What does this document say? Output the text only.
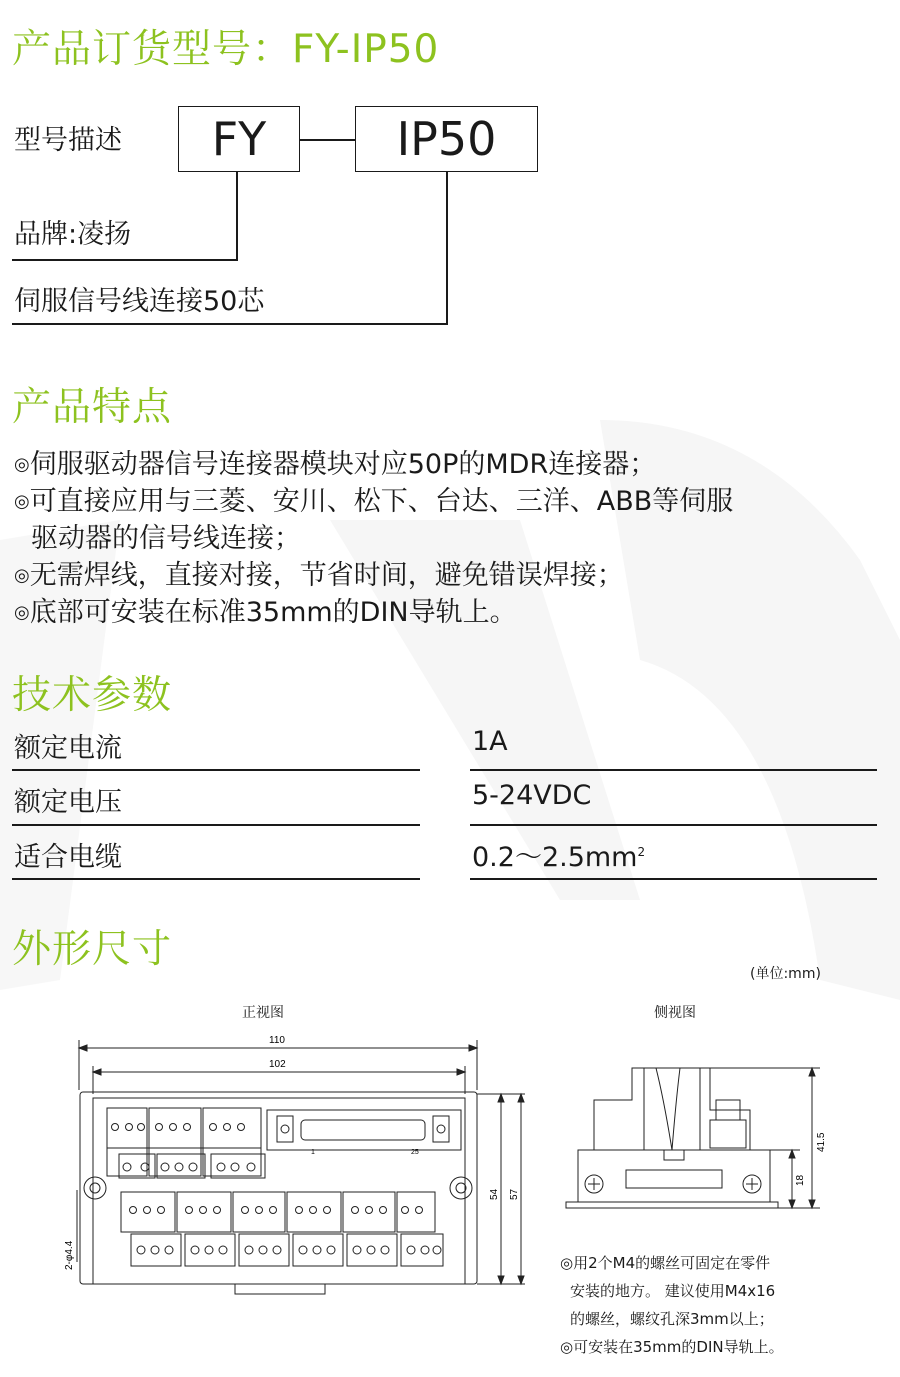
产品订货型号：FY-IP50
型号描述	FY	IP50
品牌:凌扬
伺服信号线连接50芯
产品特点
◎伺服驱动器信号连接器模块对应50P的MDR连接器；
◎可直接应用与三菱、安川、松下、台达、三洋、ABB等伺服
驱动器的信号线连接；
◎无需焊线，直接对接，节省时间，避免错误焊接；
◎底部可安装在标准35mm的DIN导轨上。
技术参数
额定电流	1A
额定电压	5-24VDC
适合电缆	$0.2\sim 2.5mm^2$
外形尺寸
(单位:mm)
正视图	侧视图
110
102
1	25
54 57
2-φ4.4
41.5
18
◎用2个M4的螺丝可固定在零件
安装的地方。 建议使用M4x16
的螺丝，螺纹孔深3mm以上；
◎可安装在35mm的DIN导轨上。
